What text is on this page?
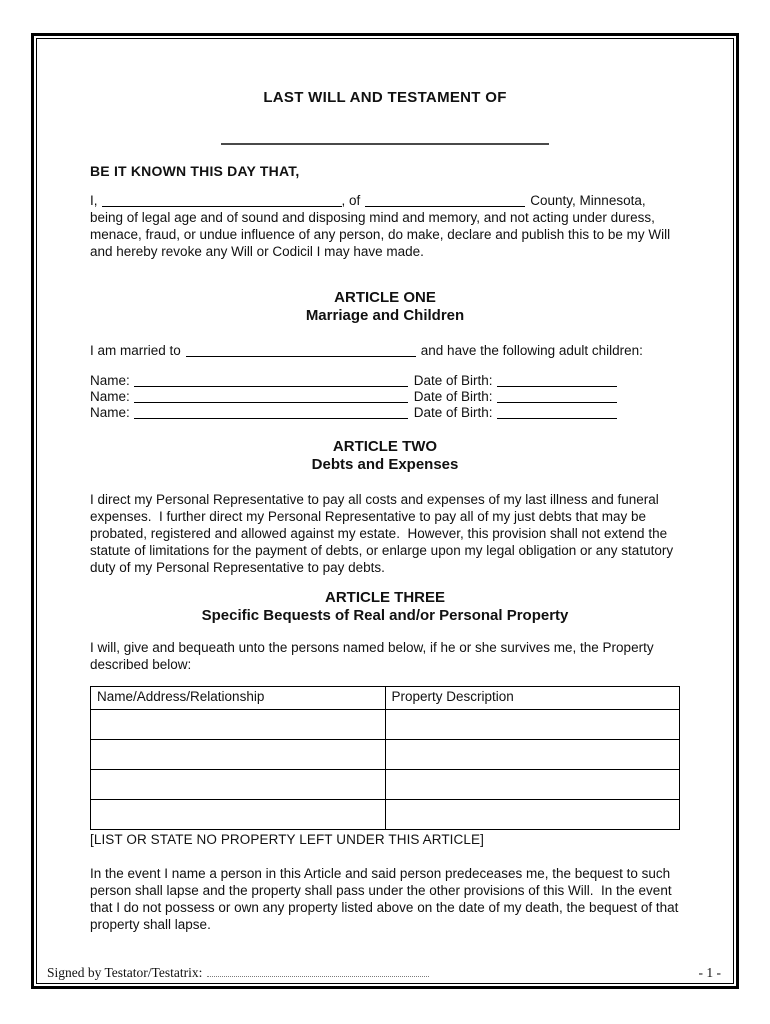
LAST WILL AND TESTAMENT OF
BE IT KNOWN THIS DAY THAT,

I,	, of	County, Minnesota,
being of legal age and of sound and disposing mind and memory, and not acting under duress, menace, fraud, or undue influence of any person, do make, declare and publish this to be my Will and hereby revoke any Will or Codicil I may have made.

ARTICLE ONE
Marriage and Children

I am married to	and have the following adult children:

Name:	Date of Birth:
Name:	Date of Birth:
Name:	Date of Birth:
ARTICLE TWO
Debts and Expenses

I direct my Personal Representative to pay all costs and expenses of my last illness and funeral expenses.  I further direct my Personal Representative to pay all of my just debts that may be probated, registered and allowed against my estate.  However, this provision shall not extend the statute of limitations for the payment of debts, or enlarge upon my legal obligation or any statutory duty of my Personal Representative to pay debts.

ARTICLE THREE
Specific Bequests of Real and/or Personal Property

I will, give and bequeath unto the persons named below, if he or she survives me, the Property described below:

Name/Address/Relationship	Property Description

[LIST OR STATE NO PROPERTY LEFT UNDER THIS ARTICLE]

In the event I name a person in this Article and said person predeceases me, the bequest to such person shall lapse and the property shall pass under the other provisions of this Will.  In the event that I do not possess or own any property listed above on the date of my death, the bequest of that property shall lapse.

Signed by Testator/Testatrix:	- 1 -
